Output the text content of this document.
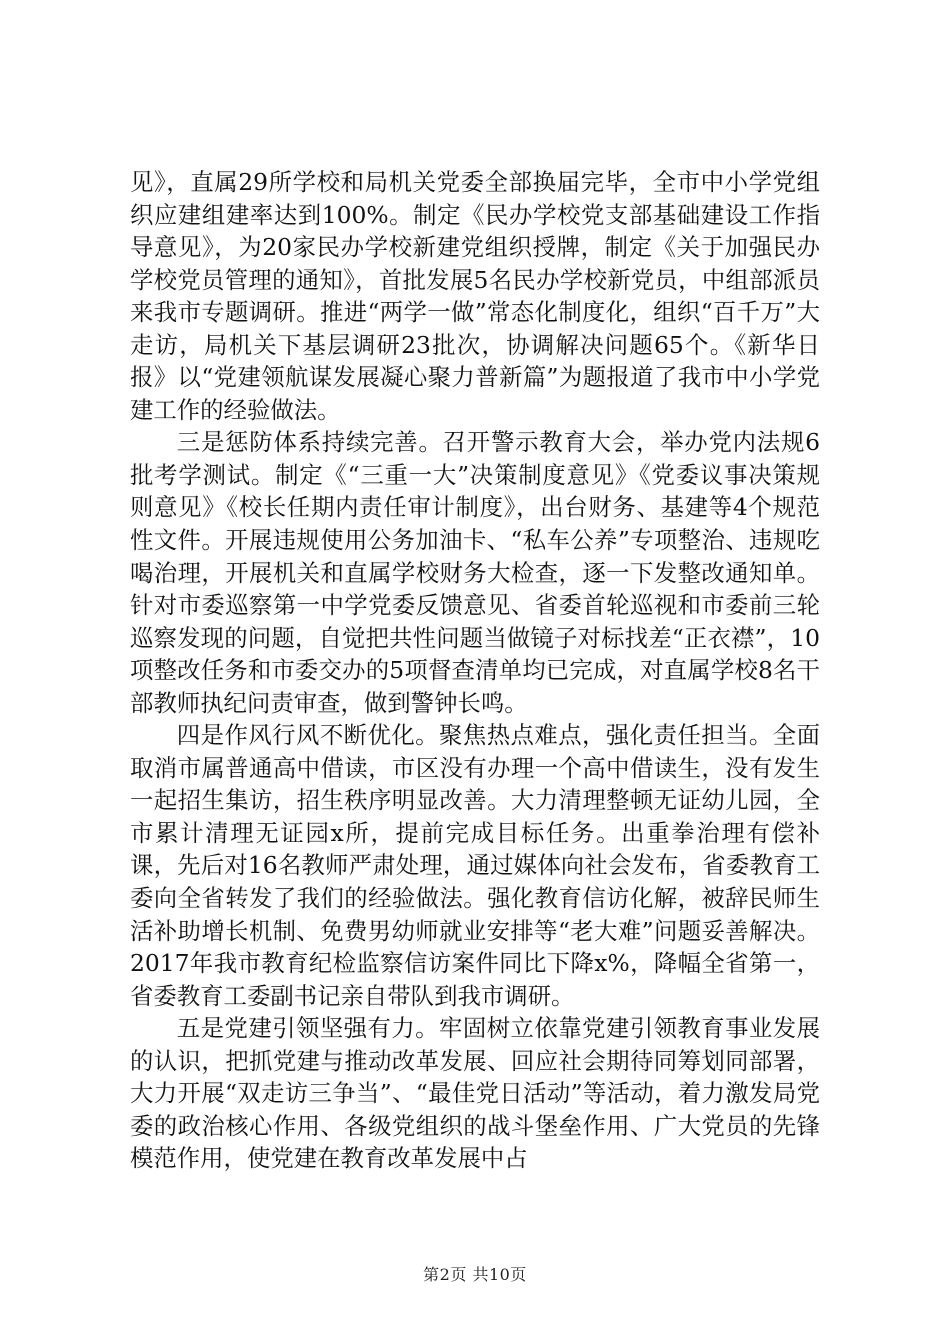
见》，直属29所学校和局机关党委全部换届完毕，全市中小学党组织应建组建率达到100%。制定《民办学校党支部基础建设工作指导意见》，为20家民办学校新建党组织授牌，制定《关于加强民办学校党员管理的通知》，首批发展5名民办学校新党员，中组部派员来我市专题调研。推进“两学一做”常态化制度化，组织“百千万”大走访，局机关下基层调研23批次，协调解决问题65个。《新华日报》以“党建领航谋发展凝心聚力普新篇”为题报道了我市中小学党建工作的经验做法。

三是惩防体系持续完善。召开警示教育大会，举办党内法规6批考学测试。制定《“三重一大”决策制度意见》《党委议事决策规则意见》《校长任期内责任审计制度》，出台财务、基建等4个规范性文件。开展违规使用公务加油卡、“私车公养”专项整治、违规吃喝治理，开展机关和直属学校财务大检查，逐一下发整改通知单。针对市委巡察第一中学党委反馈意见、省委首轮巡视和市委前三轮巡察发现的问题，自觉把共性问题当做镜子对标找差“正衣襟”，10项整改任务和市委交办的5项督查清单均已完成，对直属学校8名干部教师执纪问责审查，做到警钟长鸣。

四是作风行风不断优化。聚焦热点难点，强化责任担当。全面取消市属普通高中借读，市区没有办理一个高中借读生，没有发生一起招生集访，招生秩序明显改善。大力清理整顿无证幼儿园，全市累计清理无证园x所，提前完成目标任务。出重拳治理有偿补课，先后对16名教师严肃处理，通过媒体向社会发布，省委教育工委向全省转发了我们的经验做法。强化教育信访化解，被辞民师生活补助增长机制、免费男幼师就业安排等“老大难”问题妥善解决。2017年我市教育纪检监察信访案件同比下降x%，降幅全省第一，省委教育工委副书记亲自带队到我市调研。

五是党建引领坚强有力。牢固树立依靠党建引领教育事业发展的认识，把抓党建与推动改革发展、回应社会期待同筹划同部署，大力开展“双走访三争当”、“最佳党日活动”等活动，着力激发局党委的政治核心作用、各级党组织的战斗堡垒作用、广大党员的先锋模范作用，使党建在教育改革发展中占

第2页 共10页
